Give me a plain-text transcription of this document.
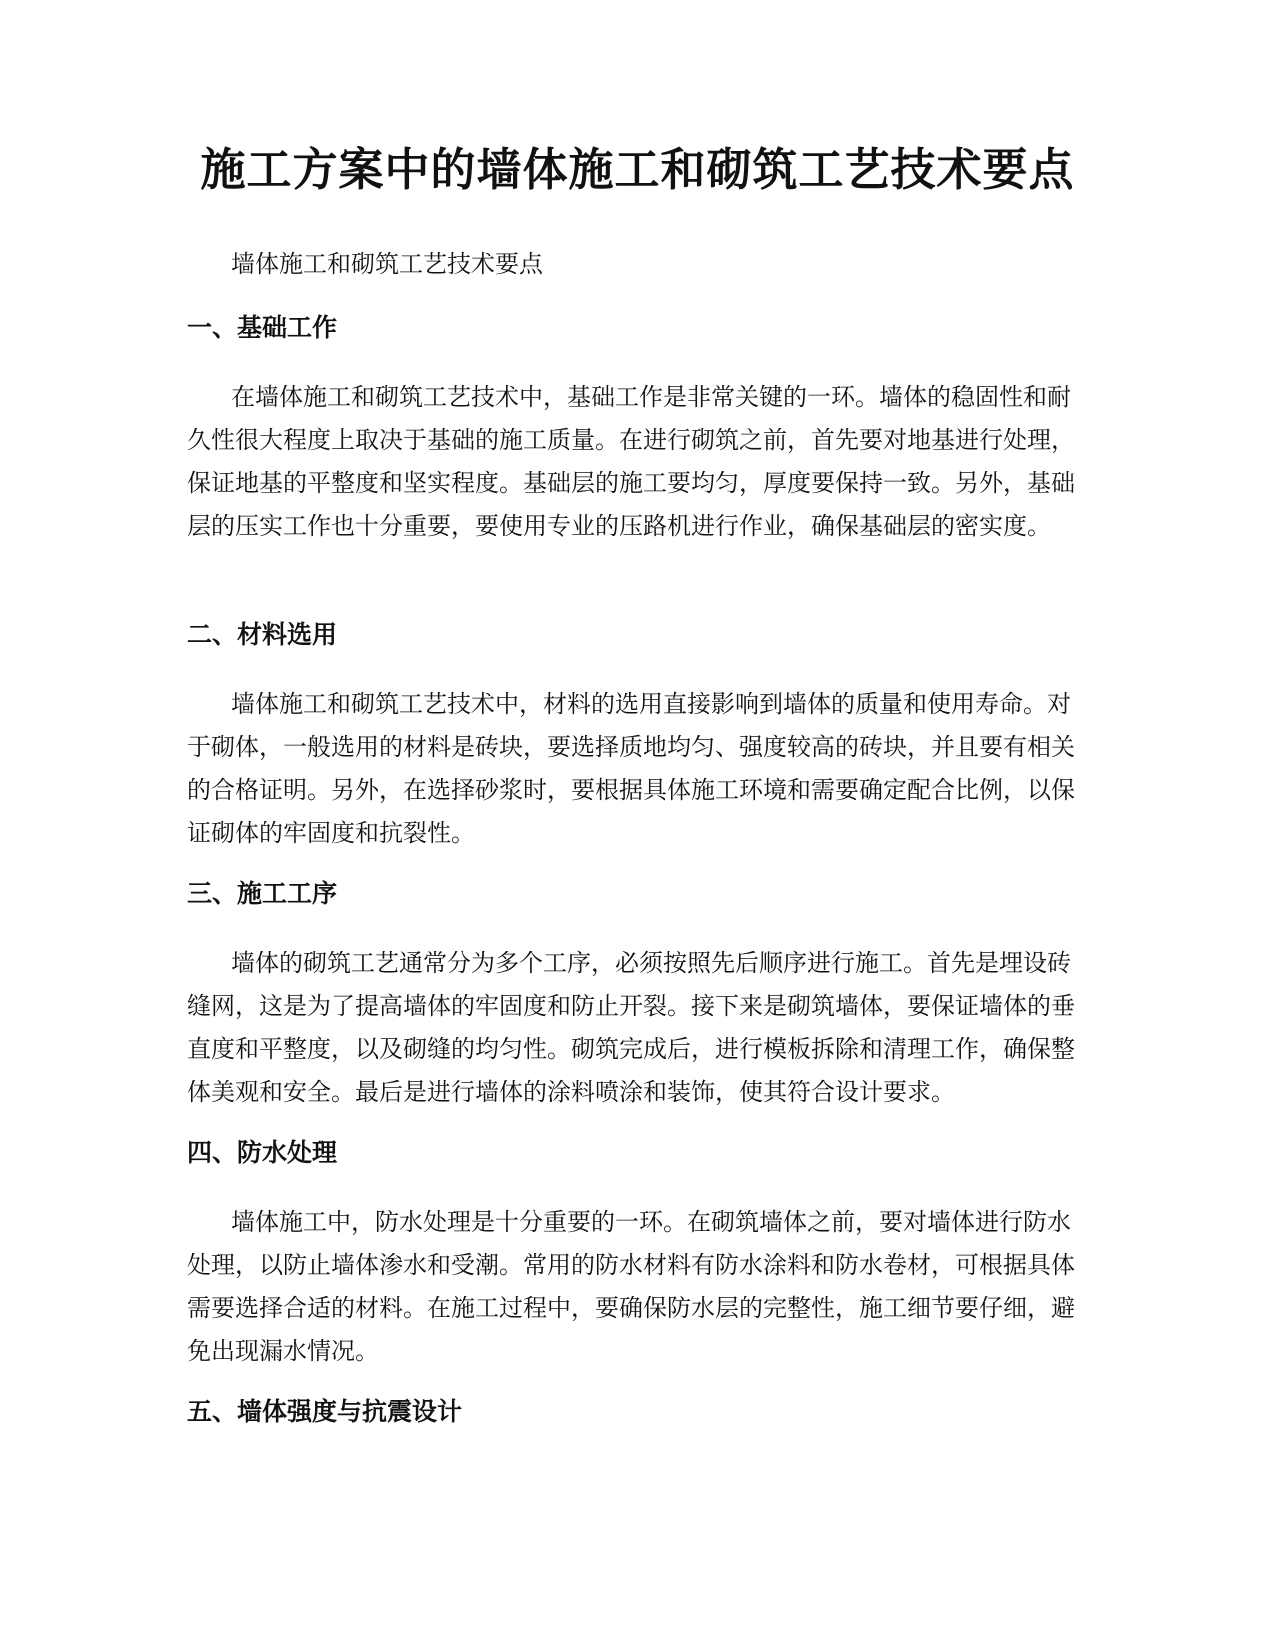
施工方案中的墙体施工和砌筑工艺技术要点

墙体施工和砌筑工艺技术要点

一、基础工作

在墙体施工和砌筑工艺技术中，基础工作是非常关键的一环。墙体的稳固性和耐久性很大程度上取决于基础的施工质量。在进行砌筑之前，首先要对地基进行处理，保证地基的平整度和坚实程度。基础层的施工要均匀，厚度要保持一致。另外，基础层的压实工作也十分重要，要使用专业的压路机进行作业，确保基础层的密实度。

二、材料选用

墙体施工和砌筑工艺技术中，材料的选用直接影响到墙体的质量和使用寿命。对于砌体，一般选用的材料是砖块，要选择质地均匀、强度较高的砖块，并且要有相关的合格证明。另外，在选择砂浆时，要根据具体施工环境和需要确定配合比例，以保证砌体的牢固度和抗裂性。

三、施工工序

墙体的砌筑工艺通常分为多个工序，必须按照先后顺序进行施工。首先是埋设砖缝网，这是为了提高墙体的牢固度和防止开裂。接下来是砌筑墙体，要保证墙体的垂直度和平整度，以及砌缝的均匀性。砌筑完成后，进行模板拆除和清理工作，确保整体美观和安全。最后是进行墙体的涂料喷涂和装饰，使其符合设计要求。

四、防水处理

墙体施工中，防水处理是十分重要的一环。在砌筑墙体之前，要对墙体进行防水处理，以防止墙体渗水和受潮。常用的防水材料有防水涂料和防水卷材，可根据具体需要选择合适的材料。在施工过程中，要确保防水层的完整性，施工细节要仔细，避免出现漏水情况。

五、墙体强度与抗震设计
